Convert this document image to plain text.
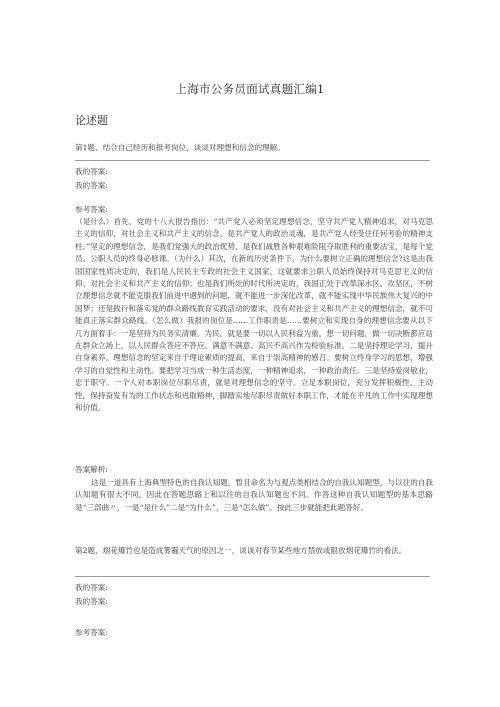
上海市公务员面试真题汇编1
论述题
第1题、结合自己经历和报考岗位，谈谈对理想和信念的理解。
我的答案:
我的答案:
参考答案:

（是什么）首先，党的十八大报告指出：“共产党人必须坚定理想信念，坚守共产党人精神追求，对马克思主义的信仰，对社会主义和共产主义的信念，是共产党人的政治灵魂，是共产党人经受住任何考验的精神支柱。”坚定的理想信念，是我们党强大的政治优势，是我们战胜各种艰难险阻夺取胜利的重要法宝，是每个党员、公职人员的终身必修课。（为什么）其次，在新的历史条件下，为什么要树立正确的理想信念?这是由我国国家性质决定的，我们是人民民主专政的社会主义国家，这就要求公职人员始终保持对马克思主义的信仰、对社会主义和共产主义的信仰；也是我们所处的时代所决定的，我国正处于改革深水区、攻坚区，不树立理想信念就不能克服我们前进中遇到的问题，就不能进一步深化改革，就不能实现中华民族伟大复兴的中国梦；还是践行和落实党的群众路线教育实践活动的要求，没有对社会主义和共产主义的理想信念，就不可能真正落实群众路线。（怎么做）我报的岗位是……工作职责是……要树立和实现自身的理想信念要从以下几方面着手：一是坚持为民务实清廉。为民，就是要一切以人民利益为重，想一切问题，做一切决断都应站在群众立场上，以人民群众答应不答应、满意不满意、高兴不高兴作为检验标准。二是坚持理论学习，提升自身素养。理想信念的坚定来自于理论素质的提高，来自于崇高精神的感召。要树立终身学习的思想，增强学习的自觉性和主动性。要把学习当成一种生活态度，一种精神追求，一种政治责任。三是坚持爱岗敬业，忠于职守。一个人对本职岗位尽职尽责，就是对理想信念的坚守。立足本职岗位，充分发挥积极性、主动性，保持奋发有为的工作状态和进取精神，脚踏实地尽职尽责做好本职工作，才能在平凡的工作中实现理想和价值。

答案解析:

这是一道具有上海典型特色的自我认知题，暂且命名为与观点类相结合的自我认知题型，与以往的自我认知题有很大不同，因此在答题思路上和以往的自我认知题也不同。作答这种自我认知题型的基本思路是“三部曲〃，一是“是什么”二是“为什么”，三是“怎么做”。按此三步就能把此题答好。

第2题、烟花爆竹也是造成雾霾天气的原因之一，谈谈对春节某些地方禁放或限放烟花爆竹的看法。
我的答案:
我的答案:
参考答案:
